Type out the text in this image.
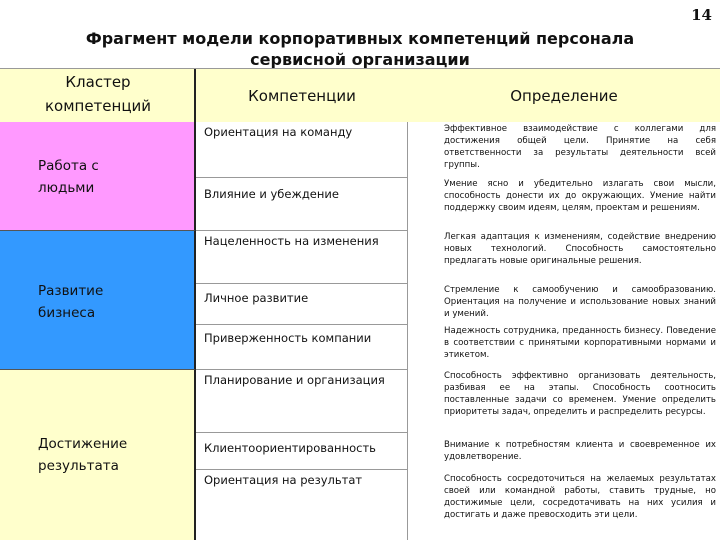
14
Фрагмент модели корпоративных компетенций персонала
сервисной организации
Кластер
компетенций
Компетенции	Определение
Работа с
людьми
Развитие
бизнеса
Достижение
результата
Ориентация на команду
Влияние и убеждение
Нацеленность на изменения
Личное развитие
Приверженность компании
Планирование и организация
Клиентоориентированность
Ориентация на результат
Эффективное взаимодействие с коллегами для достижения общей цели. Принятие на себя ответственности за результаты деятельности всей группы.
Умение ясно и убедительно излагать свои мысли, способность донести их до окружающих. Умение найти поддержку своим идеям, целям, проектам и решениям.
Легкая адаптация к изменениям, содействие внедрению новых технологий. Способность самостоятельно предлагать новые оригинальные решения.
Стремление к самообучению и самообразованию. Ориентация на получение и использование новых знаний и умений.
Надежность сотрудника, преданность бизнесу. Поведение в соответствии с принятыми корпоративными нормами и этикетом.
Способность эффективно организовать деятельность, разбивая ее на этапы. Способность соотносить поставленные задачи со временем. Умение определить приоритеты задач, определить и распределить ресурсы.
Внимание к потребностям клиента и своевременное их удовлетворение.
Способность сосредоточиться на желаемых результатах своей или командной работы, ставить трудные, но достижимые цели, сосредотачивать на них усилия и достигать и даже превосходить эти цели.
